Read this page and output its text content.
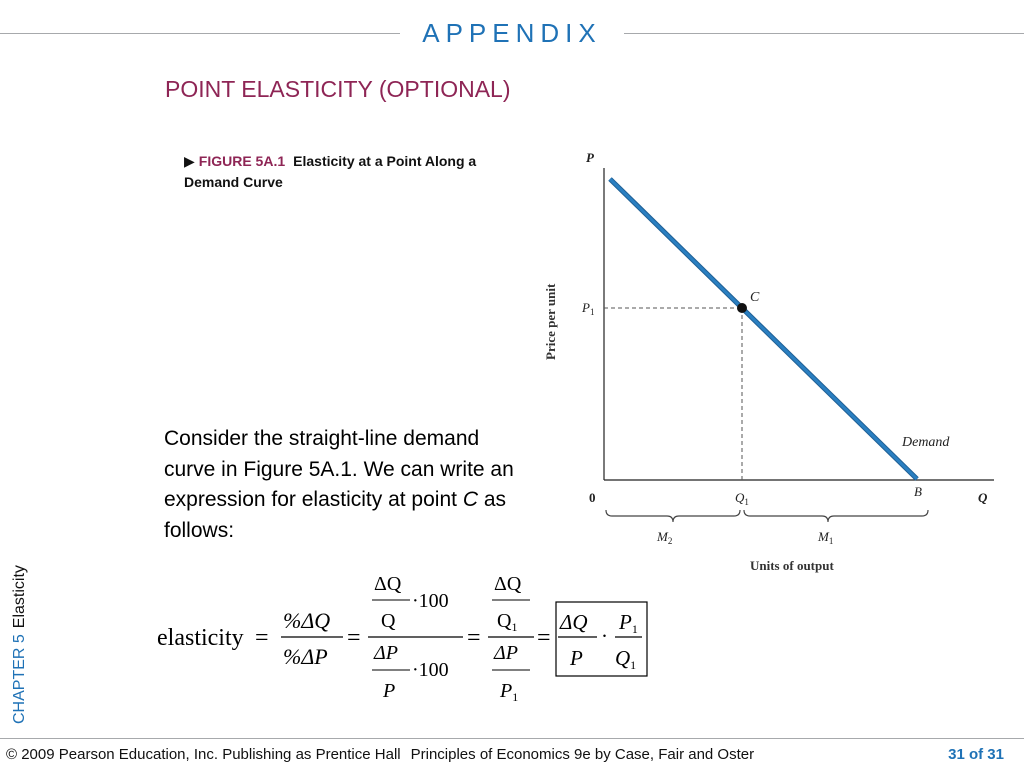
APPENDIX
POINT ELASTICITY (OPTIONAL)
▶ FIGURE 5A.1 Elasticity at a Point Along a Demand Curve
P
Q
0
$P_1$
$Q_1$
C
B
Demand
Price per unit
Units of output
$M_2$	$M_1$
Consider the straight-line demand curve in Figure 5A.1. We can write an expression for elasticity at point C as follows:
elasticity =
%ΔQ
%ΔP
=
ΔQ
Q
·100
ΔP
P
·100
=
ΔQ
$Q_1$
ΔP
$P_1$
=
ΔQ
P
·
P1
Q1
CHAPTER 5Elasticity
© 2009 Pearson Education, Inc. Publishing as Prentice Hall Principles of Economics 9e by Case, Fair and Oster	31 of 31
